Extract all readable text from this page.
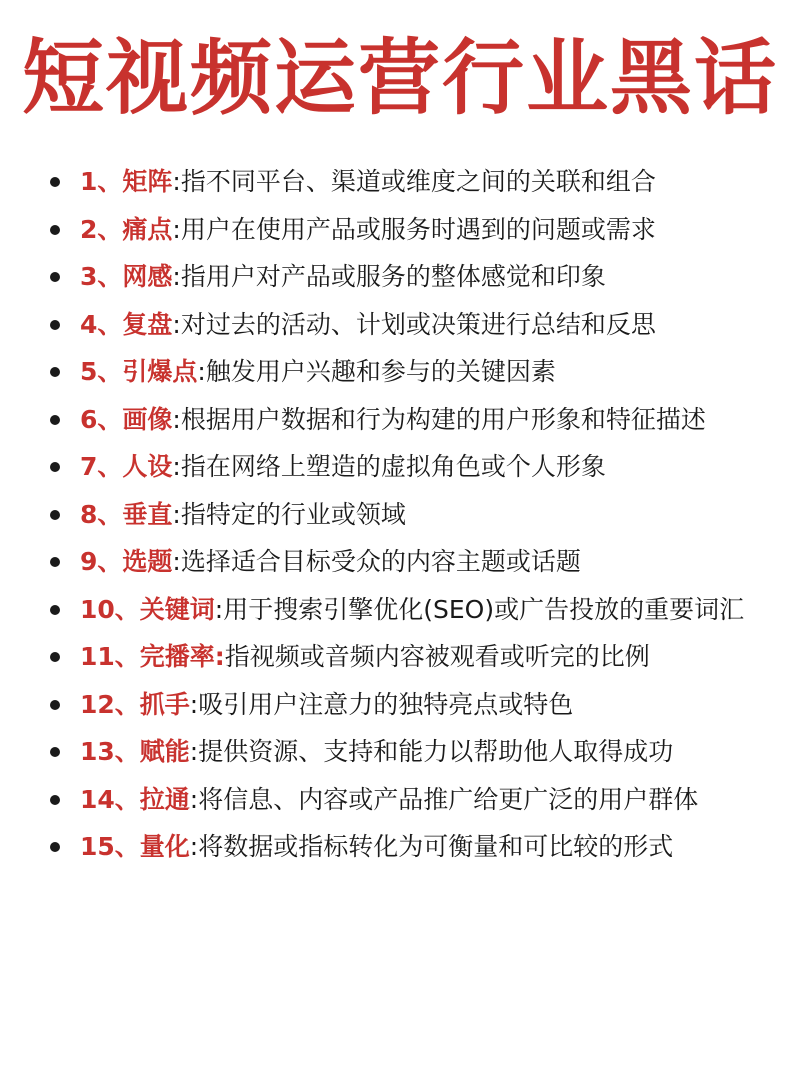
短视频运营行业黑话
1、矩阵:指不同平台、渠道或维度之间的关联和组合
2、痛点:用户在使用产品或服务时遇到的问题或需求
3、网感:指用户对产品或服务的整体感觉和印象
4、复盘:对过去的活动、计划或决策进行总结和反思
5、引爆点:触发用户兴趣和参与的关键因素
6、画像:根据用户数据和行为构建的用户形象和特征描述
7、人设:指在网络上塑造的虚拟角色或个人形象
8、垂直:指特定的行业或领域
9、选题:选择适合目标受众的内容主题或话题
10、关键词:用于搜索引擎优化(SEO)或广告投放的重要词汇
11、完播率:指视频或音频内容被观看或听完的比例
12、抓手:吸引用户注意力的独特亮点或特色
13、赋能:提供资源、支持和能力以帮助他人取得成功
14、拉通:将信息、内容或产品推广给更广泛的用户群体
15、量化:将数据或指标转化为可衡量和可比较的形式
